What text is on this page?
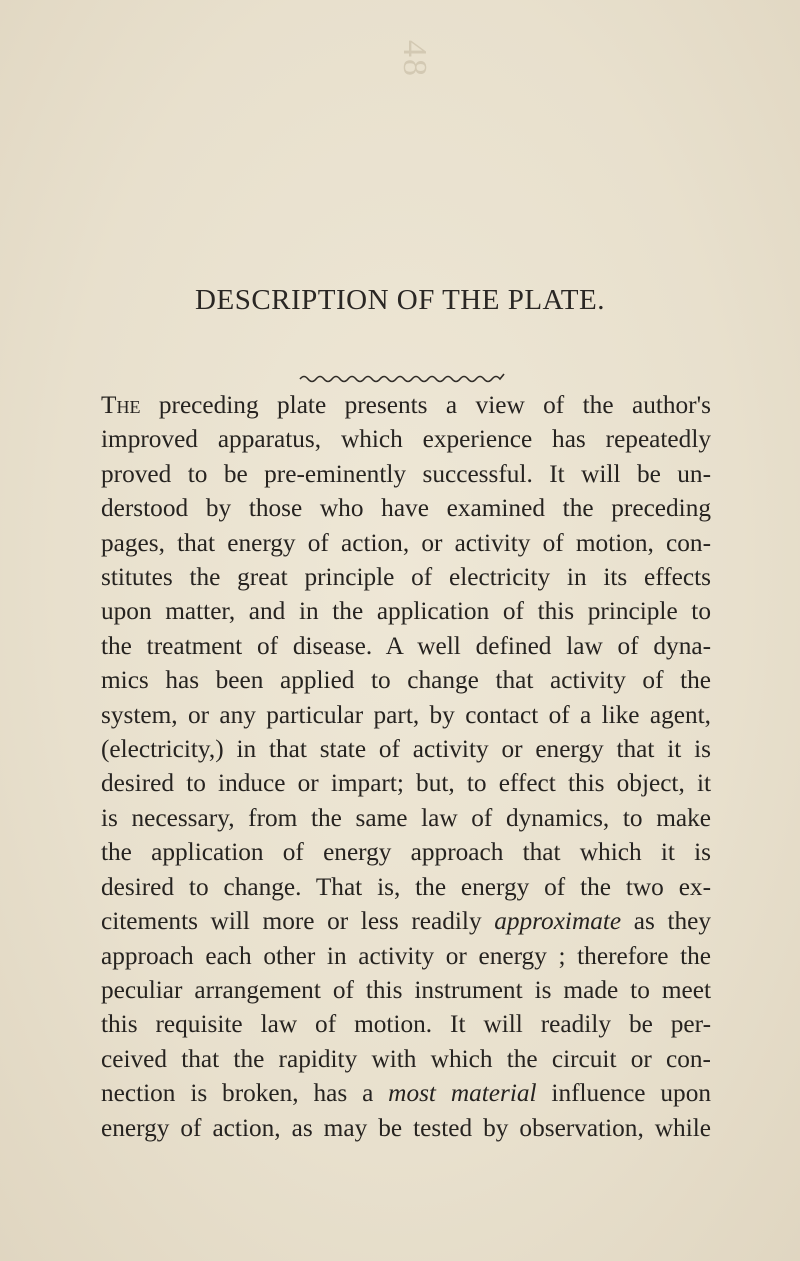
48
DESCRIPTION OF THE PLATE.
The preceding plate presents a view of the author's
improved apparatus, which experience has repeatedly
proved to be pre-eminently successful. It will be un-
derstood by those who have examined the preceding
pages, that energy of action, or activity of motion, con-
stitutes the great principle of electricity in its effects
upon matter, and in the application of this principle to
the treatment of disease. A well defined law of dyna-
mics has been applied to change that activity of the
system, or any particular part, by contact of a like agent,
(electricity,) in that state of activity or energy that it is
desired to induce or impart; but, to effect this object, it
is necessary, from the same law of dynamics, to make
the application of energy approach that which it is
desired to change. That is, the energy of the two ex-
citements will more or less readily approximate as they
approach each other in activity or energy ; therefore the
peculiar arrangement of this instrument is made to meet
this requisite law of motion. It will readily be per-
ceived that the rapidity with which the circuit or con-
nection is broken, has a most material influence upon
energy of action, as may be tested by observation, while
